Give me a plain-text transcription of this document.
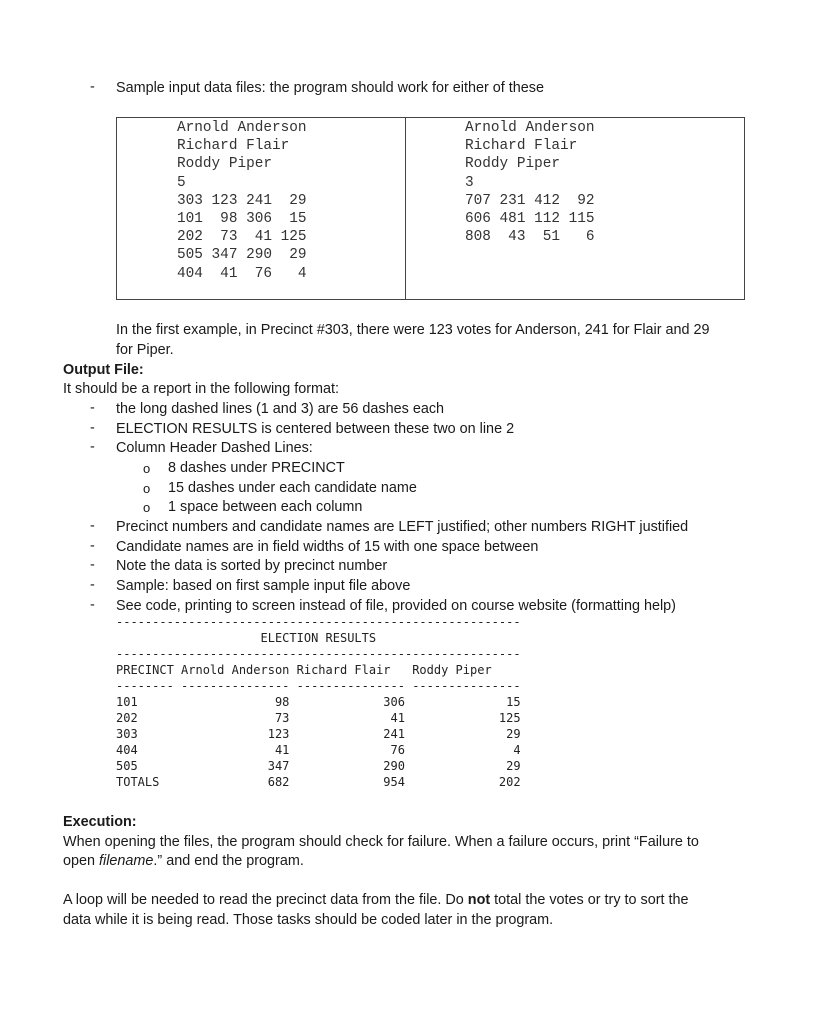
-	Sample input data files: the program should work for either of these
Arnold Anderson
Richard Flair
Roddy Piper
5
303 123 241  29
101  98 306  15
202  73  41 125
505 347 290  29
404  41  76   4
Arnold Anderson
Richard Flair
Roddy Piper
3
707 231 412  92
606 481 112 115
808  43  51   6
In the first example, in Precinct #303, there were 123 votes for Anderson, 241 for Flair and 29
for Piper.
Output File:
It should be a report in the following format:
-	the long dashed lines (1 and 3) are 56 dashes each
-	ELECTION RESULTS is centered between these two on line 2
-	Column Header Dashed Lines:
o 8 dashes under PRECINCT
o 15 dashes under each candidate name
o 1 space between each column
-	Precinct numbers and candidate names are LEFT justified; other numbers RIGHT justified
-	Candidate names are in field widths of 15 with one space between
-	Note the data is sorted by precinct number
-	Sample: based on first sample input file above
-	See code, printing to screen instead of file, provided on course website (formatting help)
--------------------------------------------------------
ELECTION RESULTS
--------------------------------------------------------
PRECINCT Arnold Anderson Richard Flair   Roddy Piper
-------- --------------- --------------- ---------------
101                   98             306              15
202                   73              41             125
303                  123             241              29
404                   41              76               4
505                  347             290              29
TOTALS               682             954             202
Execution:
When opening the files, the program should check for failure. When a failure occurs, print “Failure to
open filename.” and end the program.
A loop will be needed to read the precinct data from the file. Do not total the votes or try to sort the
data while it is being read. Those tasks should be coded later in the program.
